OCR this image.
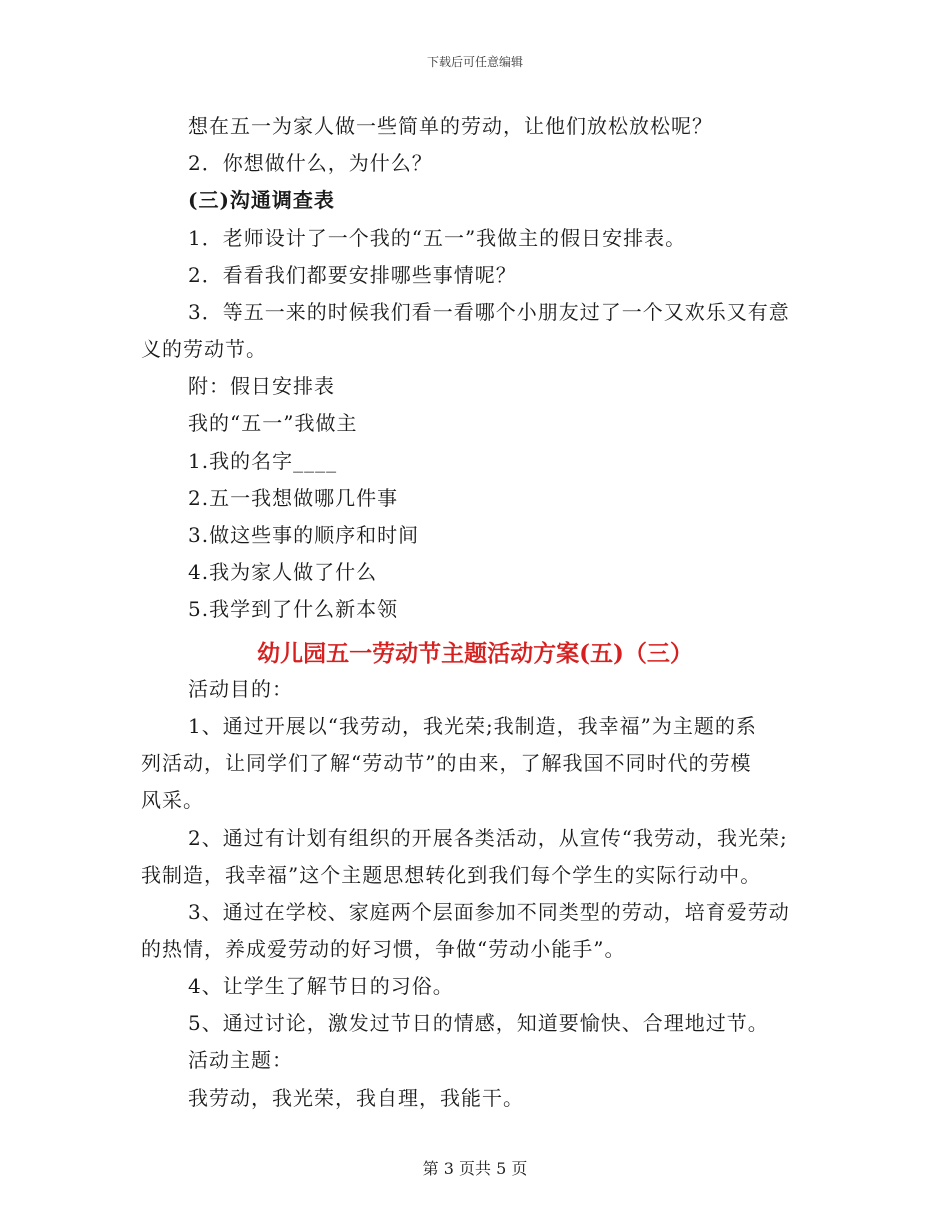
下载后可任意编辑
想在五一为家人做一些简单的劳动，让他们放松放松呢？
2．你想做什么，为什么？
(三)沟通调查表
1．老师设计了一个我的“五一”我做主的假日安排表。
2．看看我们都要安排哪些事情呢？
3．等五一来的时候我们看一看哪个小朋友过了一个又欢乐又有意
义的劳动节。
附：假日安排表
我的“五一”我做主
1.我的名字____
2.五一我想做哪几件事
3.做这些事的顺序和时间
4.我为家人做了什么
5.我学到了什么新本领
幼儿园五一劳动节主题活动方案(五)（三）
活动目的：
1、通过开展以“我劳动，我光荣;我制造，我幸福”为主题的系
列活动，让同学们了解“劳动节”的由来，了解我国不同时代的劳模
风采。
2、通过有计划有组织的开展各类活动，从宣传“我劳动，我光荣;
我制造，我幸福”这个主题思想转化到我们每个学生的实际行动中。
3、通过在学校、家庭两个层面参加不同类型的劳动，培育爱劳动
的热情，养成爱劳动的好习惯，争做“劳动小能手”。
4、让学生了解节日的习俗。
5、通过讨论，激发过节日的情感，知道要愉快、合理地过节。
活动主题：
我劳动，我光荣，我自理，我能干。
第 3 页共 5 页
